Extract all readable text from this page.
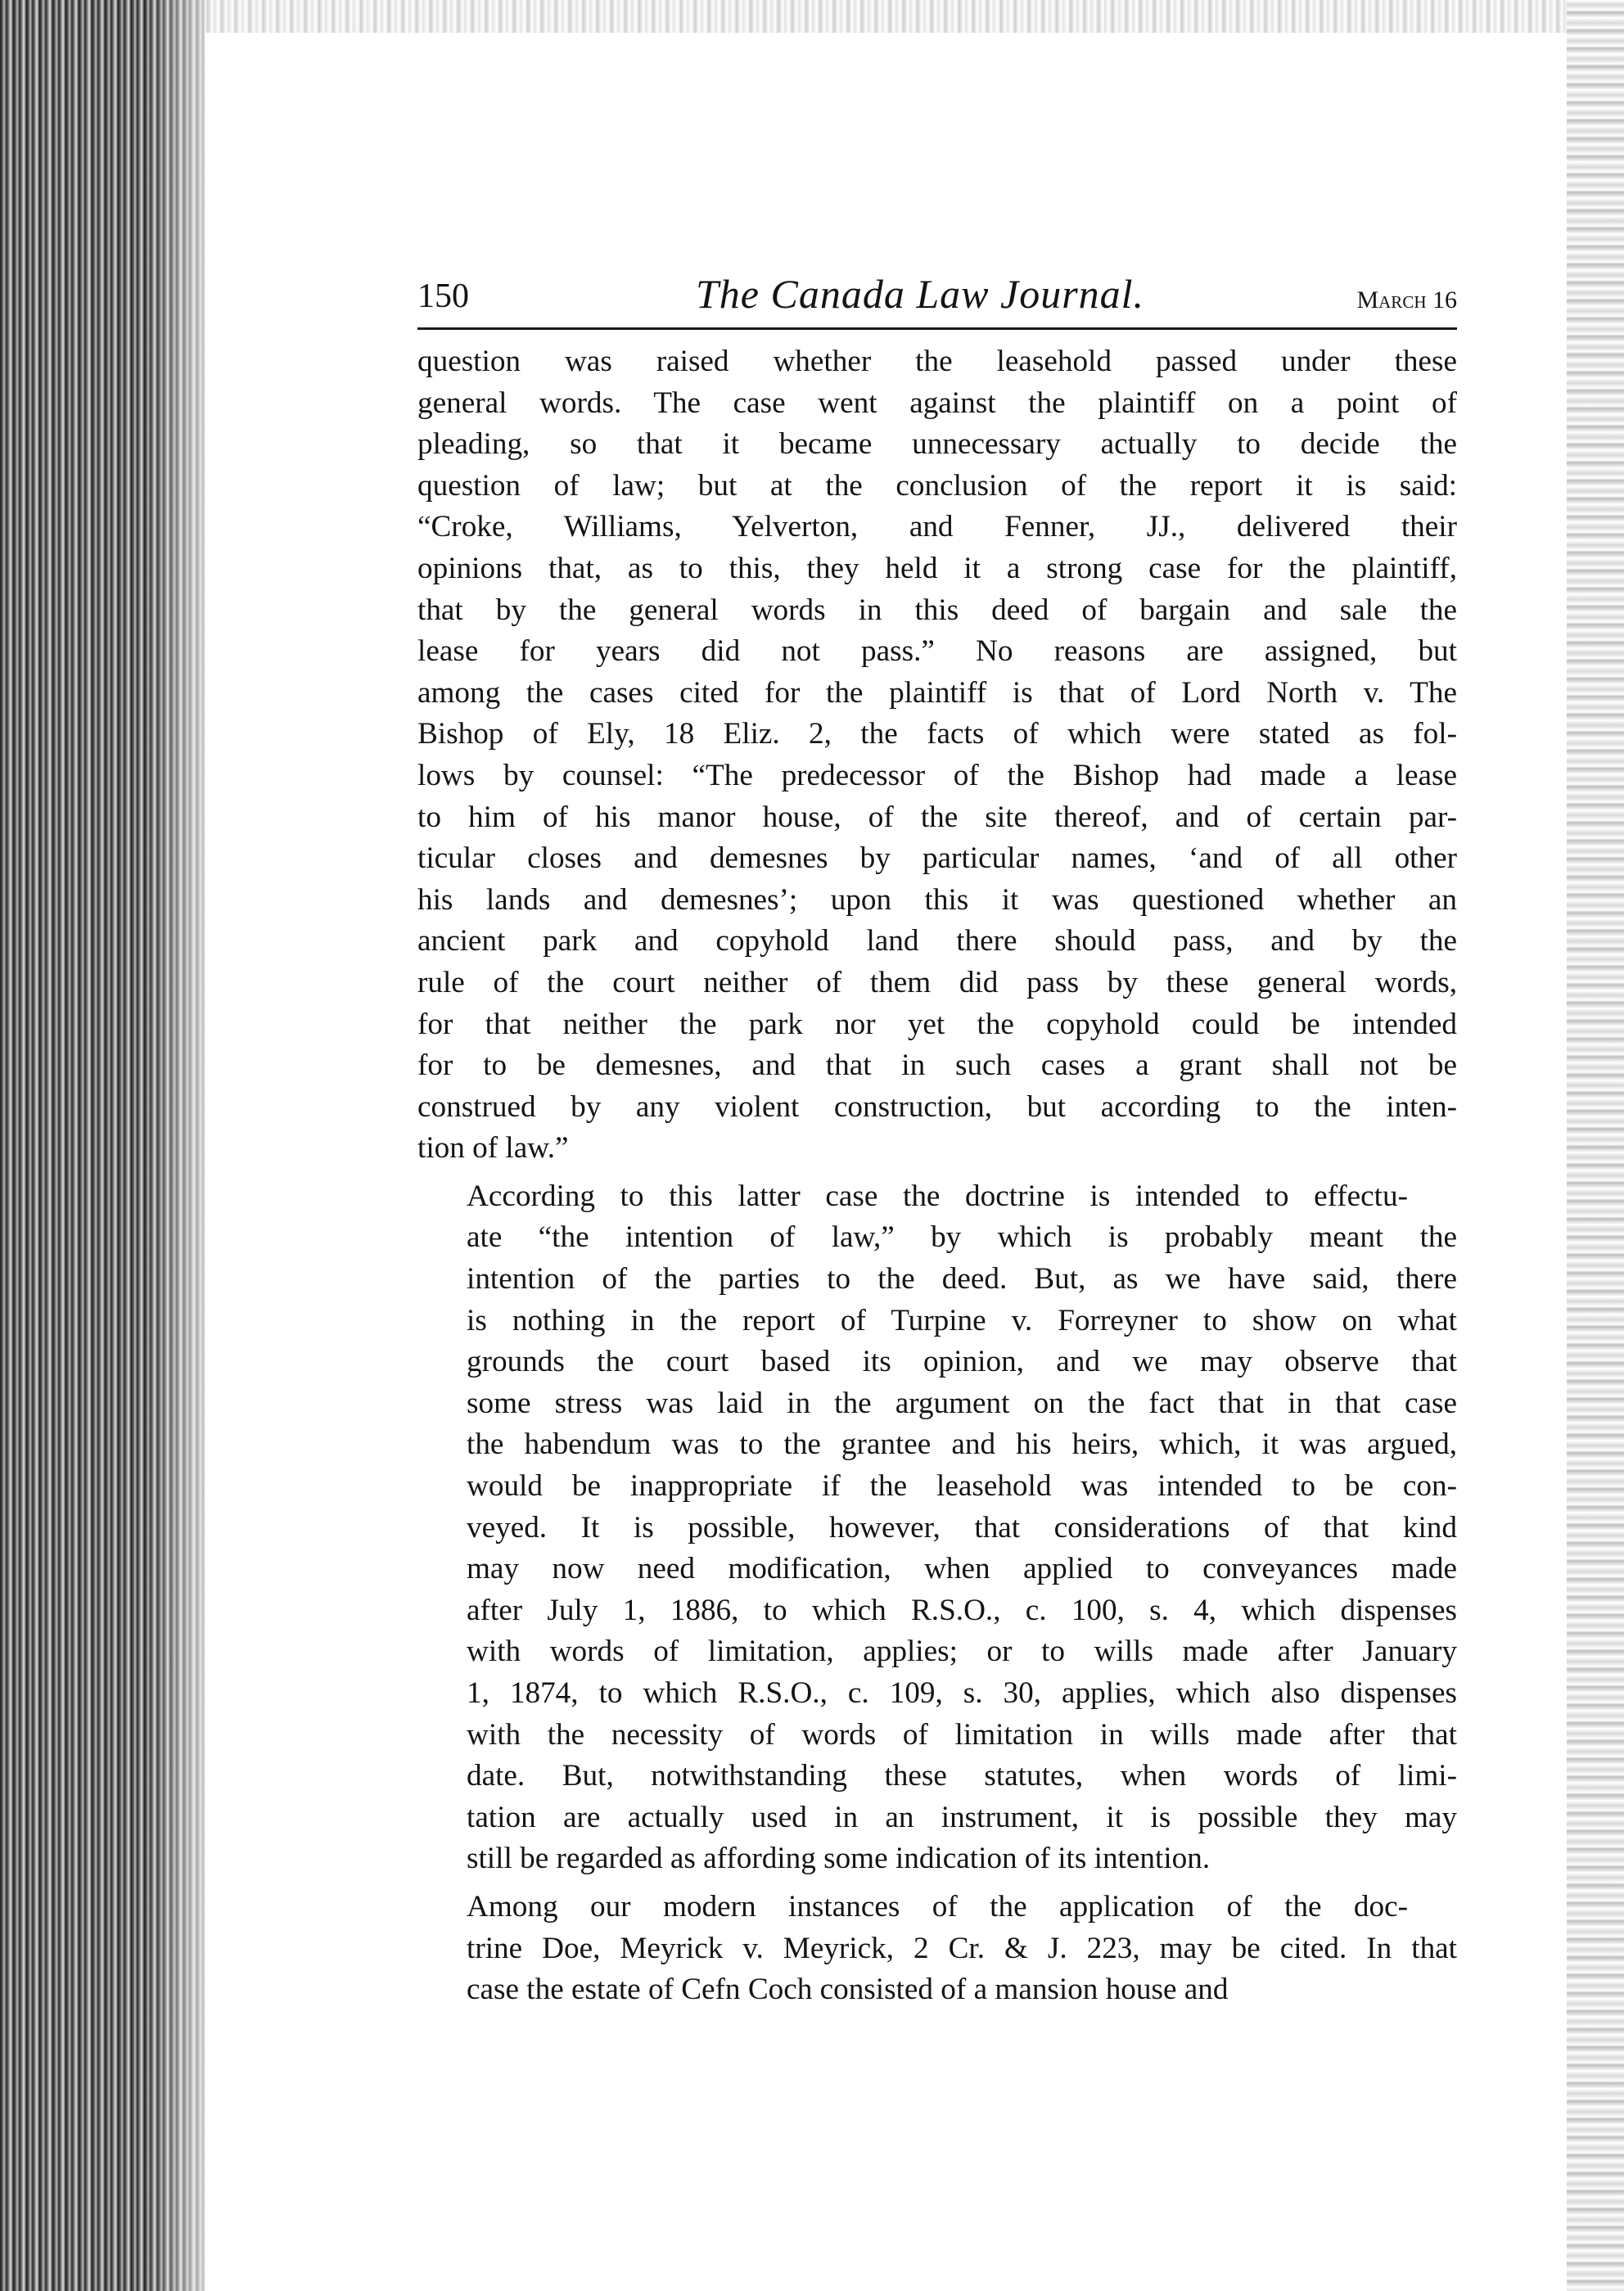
150	The Canada Law Journal.	March 16

question was raised whether the leasehold passed under these
general words. The case went against the plaintiff on a point of
pleading, so that it became unnecessary actually to decide the
question of law; but at the conclusion of the report it is said:
“Croke, Williams, Yelverton, and Fenner, JJ., delivered their
opinions that, as to this, they held it a strong case for the plaintiff,
that by the general words in this deed of bargain and sale the
lease for years did not pass.” No reasons are assigned, but
among the cases cited for the plaintiff is that of Lord North v. The
Bishop of Ely, 18 Eliz. 2, the facts of which were stated as fol-
lows by counsel: “The predecessor of the Bishop had made a lease
to him of his manor house, of the site thereof, and of certain par-
ticular closes and demesnes by particular names, ‘and of all other
his lands and demesnes’; upon this it was questioned whether an
ancient park and copyhold land there should pass, and by the
rule of the court neither of them did pass by these general words,
for that neither the park nor yet the copyhold could be intended
for to be demesnes, and that in such cases a grant shall not be
construed by any violent construction, but according to the inten-
tion of law.”

According to this latter case the doctrine is intended to effectu-
ate “the intention of law,” by which is probably meant the
intention of the parties to the deed. But, as we have said, there
is nothing in the report of Turpine v. Forreyner to show on what
grounds the court based its opinion, and we may observe that
some stress was laid in the argument on the fact that in that case
the habendum was to the grantee and his heirs, which, it was argued,
would be inappropriate if the leasehold was intended to be con-
veyed. It is possible, however, that considerations of that kind
may now need modification, when applied to conveyances made
after July 1, 1886, to which R.S.O., c. 100, s. 4, which dispenses
with words of limitation, applies; or to wills made after January
1, 1874, to which R.S.O., c. 109, s. 30, applies, which also dispenses
with the necessity of words of limitation in wills made after that
date. But, notwithstanding these statutes, when words of limi-
tation are actually used in an instrument, it is possible they may
still be regarded as affording some indication of its intention.

Among our modern instances of the application of the doc-
trine Doe, Meyrick v. Meyrick, 2 Cr. & J. 223, may be cited. In that
case the estate of Cefn Coch consisted of a mansion house and
